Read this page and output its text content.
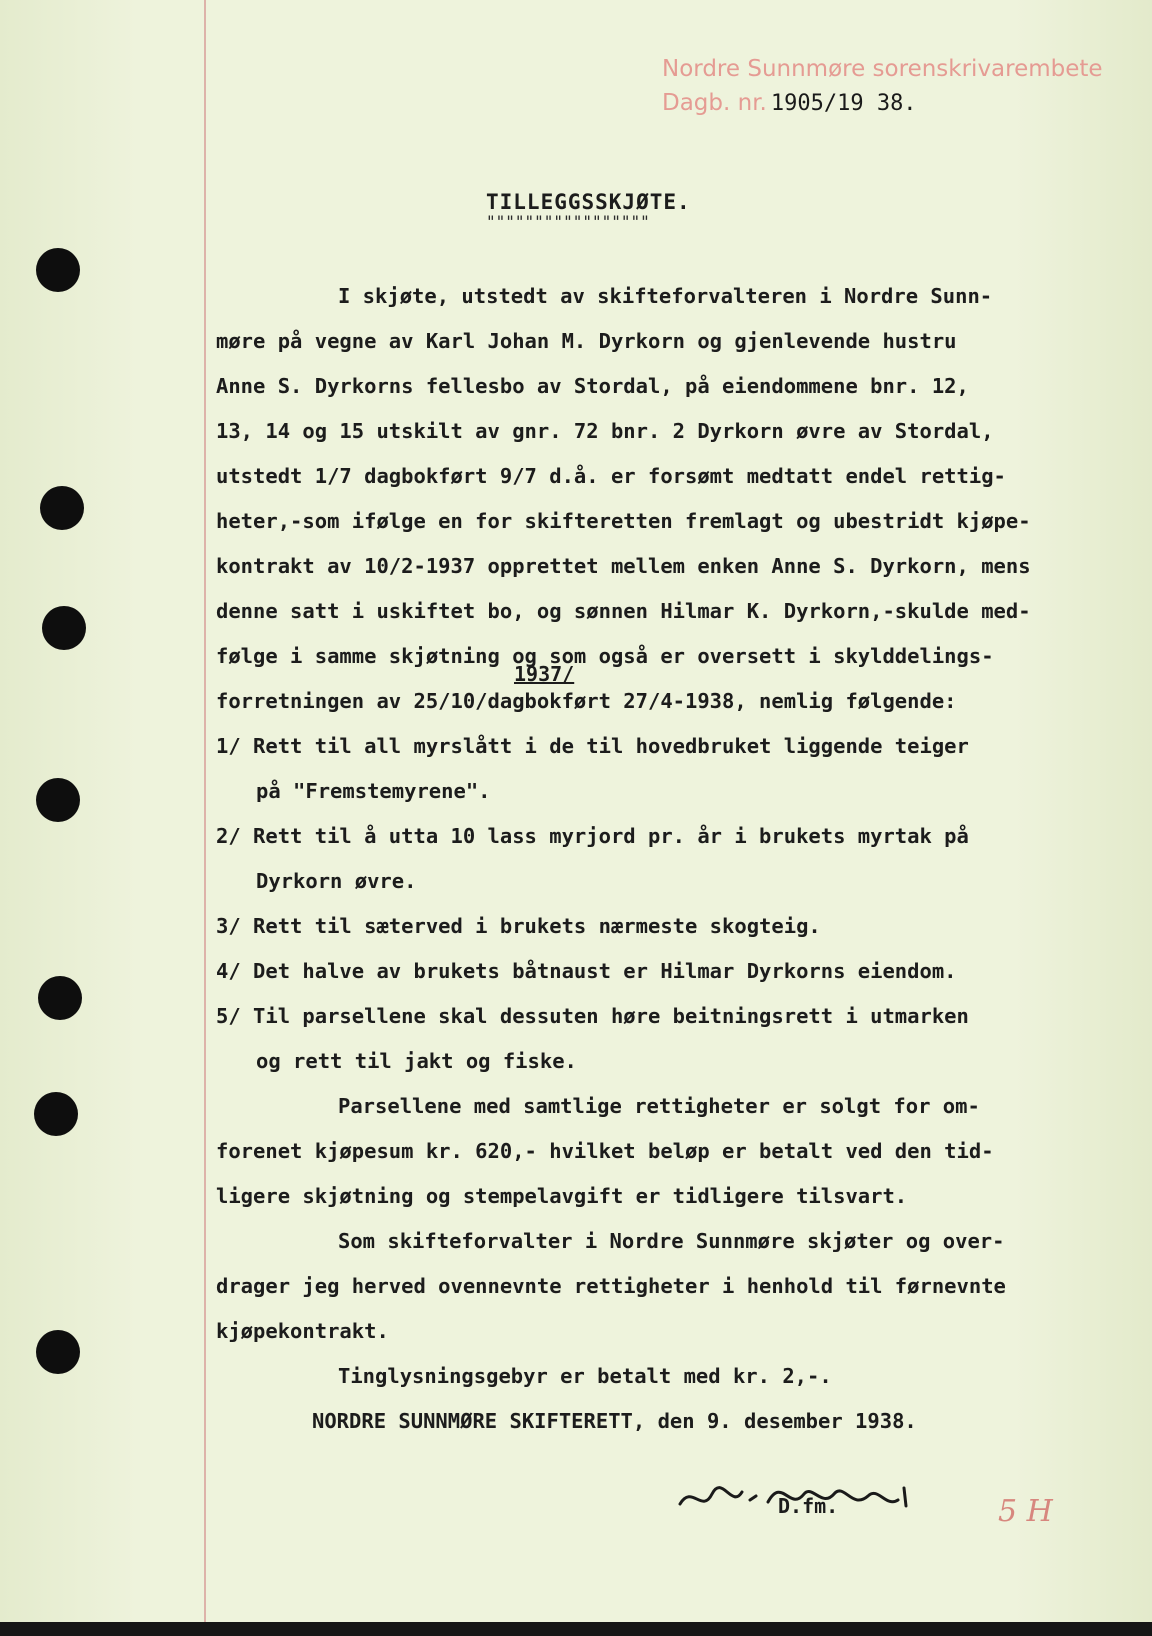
Nordre Sunnmøre sorenskrivarembete
Dagb. nr. 1905/19 38.
TILLEGGSSKJØTE.
"""""""""""""""""
I skjøte, utstedt av skifteforvalteren i Nordre Sunn-
møre på vegne av Karl Johan M. Dyrkorn og gjenlevende hustru
Anne S. Dyrkorns fellesbo av Stordal, på eiendommene bnr. 12,
13, 14 og 15 utskilt av gnr. 72 bnr. 2 Dyrkorn øvre av Stordal,
utstedt 1/7 dagbokført 9/7 d.å. er forsømt medtatt endel rettig-
heter,-som ifølge en for skifteretten fremlagt og ubestridt kjøpe-
kontrakt av 10/2-1937 opprettet mellem enken Anne S. Dyrkorn, mens
denne satt i uskiftet bo, og sønnen Hilmar K. Dyrkorn,-skulde med-
følge i samme skjøtning og som også er oversett i skylddelings-
1937/
forretningen av 25/10/dagbokført 27/4-1938, nemlig følgende:
1/ Rett til all myrslått i de til hovedbruket liggende teiger
på "Fremstemyrene".
2/ Rett til å utta 10 lass myrjord pr. år i brukets myrtak på
Dyrkorn øvre.
3/ Rett til sæterved i brukets nærmeste skogteig.
4/ Det halve av brukets båtnaust er Hilmar Dyrkorns eiendom.
5/ Til parsellene skal dessuten høre beitningsrett i utmarken
og rett til jakt og fiske.
Parsellene med samtlige rettigheter er solgt for om-
forenet kjøpesum kr. 620,- hvilket beløp er betalt ved den tid-
ligere skjøtning og stempelavgift er tidligere tilsvart.
Som skifteforvalter i Nordre Sunnmøre skjøter og over-
drager jeg herved ovennevnte rettigheter i henhold til førnevnte
kjøpekontrakt.
Tinglysningsgebyr er betalt med kr. 2,-.
NORDRE SUNNMØRE SKIFTERETT, den 9. desember 1938.
D.fm.	5 H
